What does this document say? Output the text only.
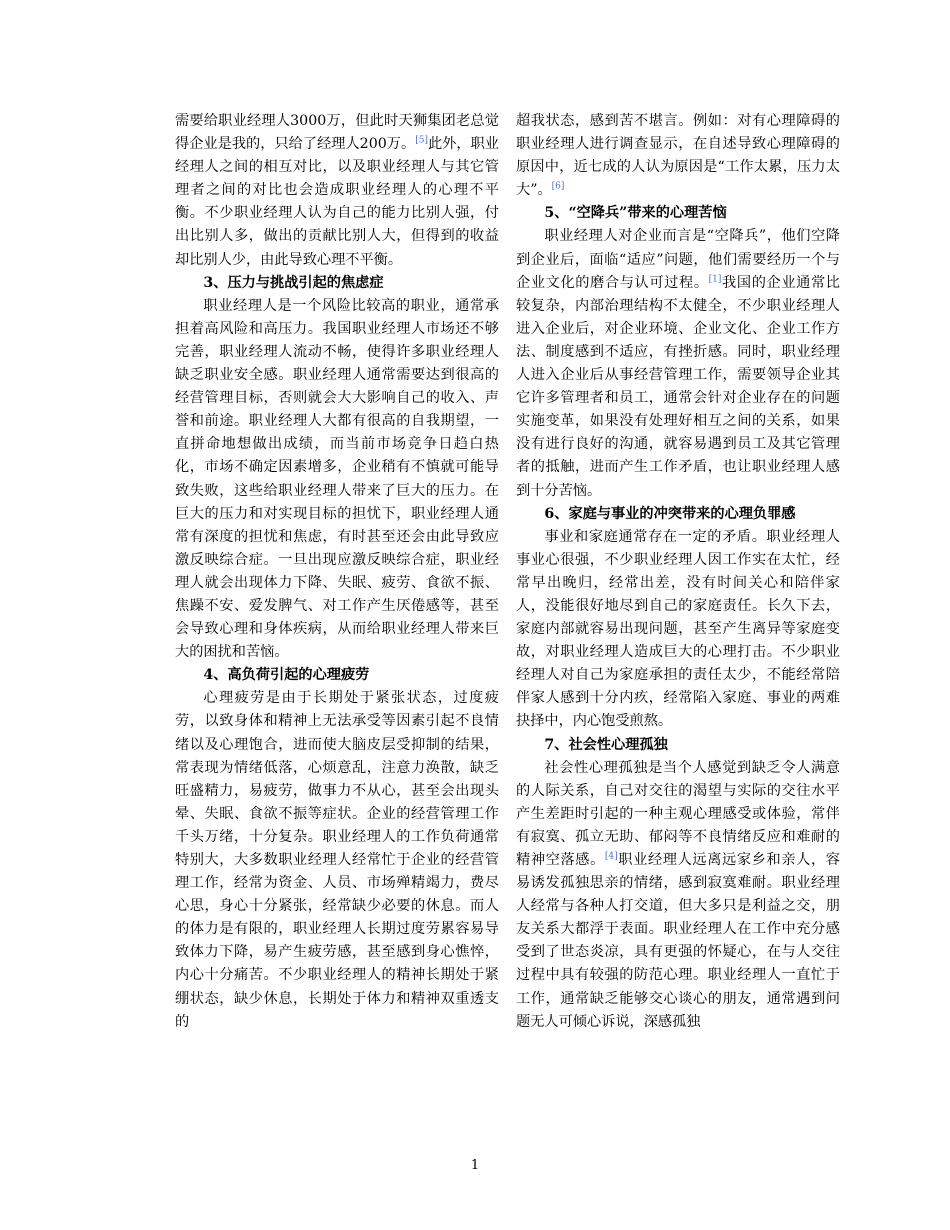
需要给职业经理人3000万，但此时天狮集团老总觉得企业是我的，只给了经理人200万。[5]此外，职业经理人之间的相互对比，以及职业经理人与其它管理者之间的对比也会造成职业经理人的心理不平衡。不少职业经理人认为自己的能力比别人强，付出比别人多，做出的贡献比别人大，但得到的收益却比别人少，由此导致心理不平衡。

3、压力与挑战引起的焦虑症

职业经理人是一个风险比较高的职业，通常承担着高风险和高压力。我国职业经理人市场还不够完善，职业经理人流动不畅，使得许多职业经理人缺乏职业安全感。职业经理人通常需要达到很高的经营管理目标，否则就会大大影响自己的收入、声誉和前途。职业经理人大都有很高的自我期望，一直拼命地想做出成绩，而当前市场竞争日趋白热化，市场不确定因素增多，企业稍有不慎就可能导致失败，这些给职业经理人带来了巨大的压力。在巨大的压力和对实现目标的担忧下，职业经理人通常有深度的担忧和焦虑，有时甚至还会由此导致应激反映综合症。一旦出现应激反映综合症，职业经理人就会出现体力下降、失眠、疲劳、食欲不振、焦躁不安、爱发脾气、对工作产生厌倦感等，甚至会导致心理和身体疾病，从而给职业经理人带来巨大的困扰和苦恼。

4、高负荷引起的心理疲劳

心理疲劳是由于长期处于紧张状态，过度疲劳，以致身体和精神上无法承受等因素引起不良情绪以及心理饱合，进而使大脑皮层受抑制的结果，常表现为情绪低落，心烦意乱，注意力涣散，缺乏旺盛精力，易疲劳，做事力不从心，甚至会出现头晕、失眠、食欲不振等症状。企业的经营管理工作千头万绪，十分复杂。职业经理人的工作负荷通常特别大，大多数职业经理人经常忙于企业的经营管理工作，经常为资金、人员、市场殚精竭力，费尽心思，身心十分紧张，经常缺少必要的休息。而人的体力是有限的，职业经理人长期过度劳累容易导致体力下降，易产生疲劳感，甚至感到身心憔悴，内心十分痛苦。不少职业经理人的精神长期处于紧绷状态，缺少休息，长期处于体力和精神双重透支的

超我状态，感到苦不堪言。例如：对有心理障碍的职业经理人进行调查显示，在自述导致心理障碍的原因中，近七成的人认为原因是“工作太累，压力太大”。[6]

5、“空降兵”带来的心理苦恼

职业经理人对企业而言是“空降兵”，他们空降到企业后，面临“适应”问题，他们需要经历一个与企业文化的磨合与认可过程。[1]我国的企业通常比较复杂，内部治理结构不太健全，不少职业经理人进入企业后，对企业环境、企业文化、企业工作方法、制度感到不适应，有挫折感。同时，职业经理人进入企业后从事经营管理工作，需要领导企业其它许多管理者和员工，通常会针对企业存在的问题实施变革，如果没有处理好相互之间的关系，如果没有进行良好的沟通，就容易遇到员工及其它管理者的抵触，进而产生工作矛盾，也让职业经理人感到十分苦恼。

6、家庭与事业的冲突带来的心理负罪感

事业和家庭通常存在一定的矛盾。职业经理人事业心很强，不少职业经理人因工作实在太忙，经常早出晚归，经常出差，没有时间关心和陪伴家人，没能很好地尽到自己的家庭责任。长久下去，家庭内部就容易出现问题，甚至产生离异等家庭变故，对职业经理人造成巨大的心理打击。不少职业经理人对自己为家庭承担的责任太少，不能经常陪伴家人感到十分内疚，经常陷入家庭、事业的两难抉择中，内心饱受煎熬。

7、社会性心理孤独

社会性心理孤独是当个人感觉到缺乏令人满意的人际关系，自己对交往的渴望与实际的交往水平产生差距时引起的一种主观心理感受或体验，常伴有寂寞、孤立无助、郁闷等不良情绪反应和难耐的精神空落感。[4]职业经理人远离远家乡和亲人，容易诱发孤独思亲的情绪，感到寂寞难耐。职业经理人经常与各种人打交道，但大多只是利益之交，朋友关系大都浮于表面。职业经理人在工作中充分感受到了世态炎凉，具有更强的怀疑心，在与人交往过程中具有较强的防范心理。职业经理人一直忙于工作，通常缺乏能够交心谈心的朋友，通常遇到问题无人可倾心诉说，深感孤独

1
